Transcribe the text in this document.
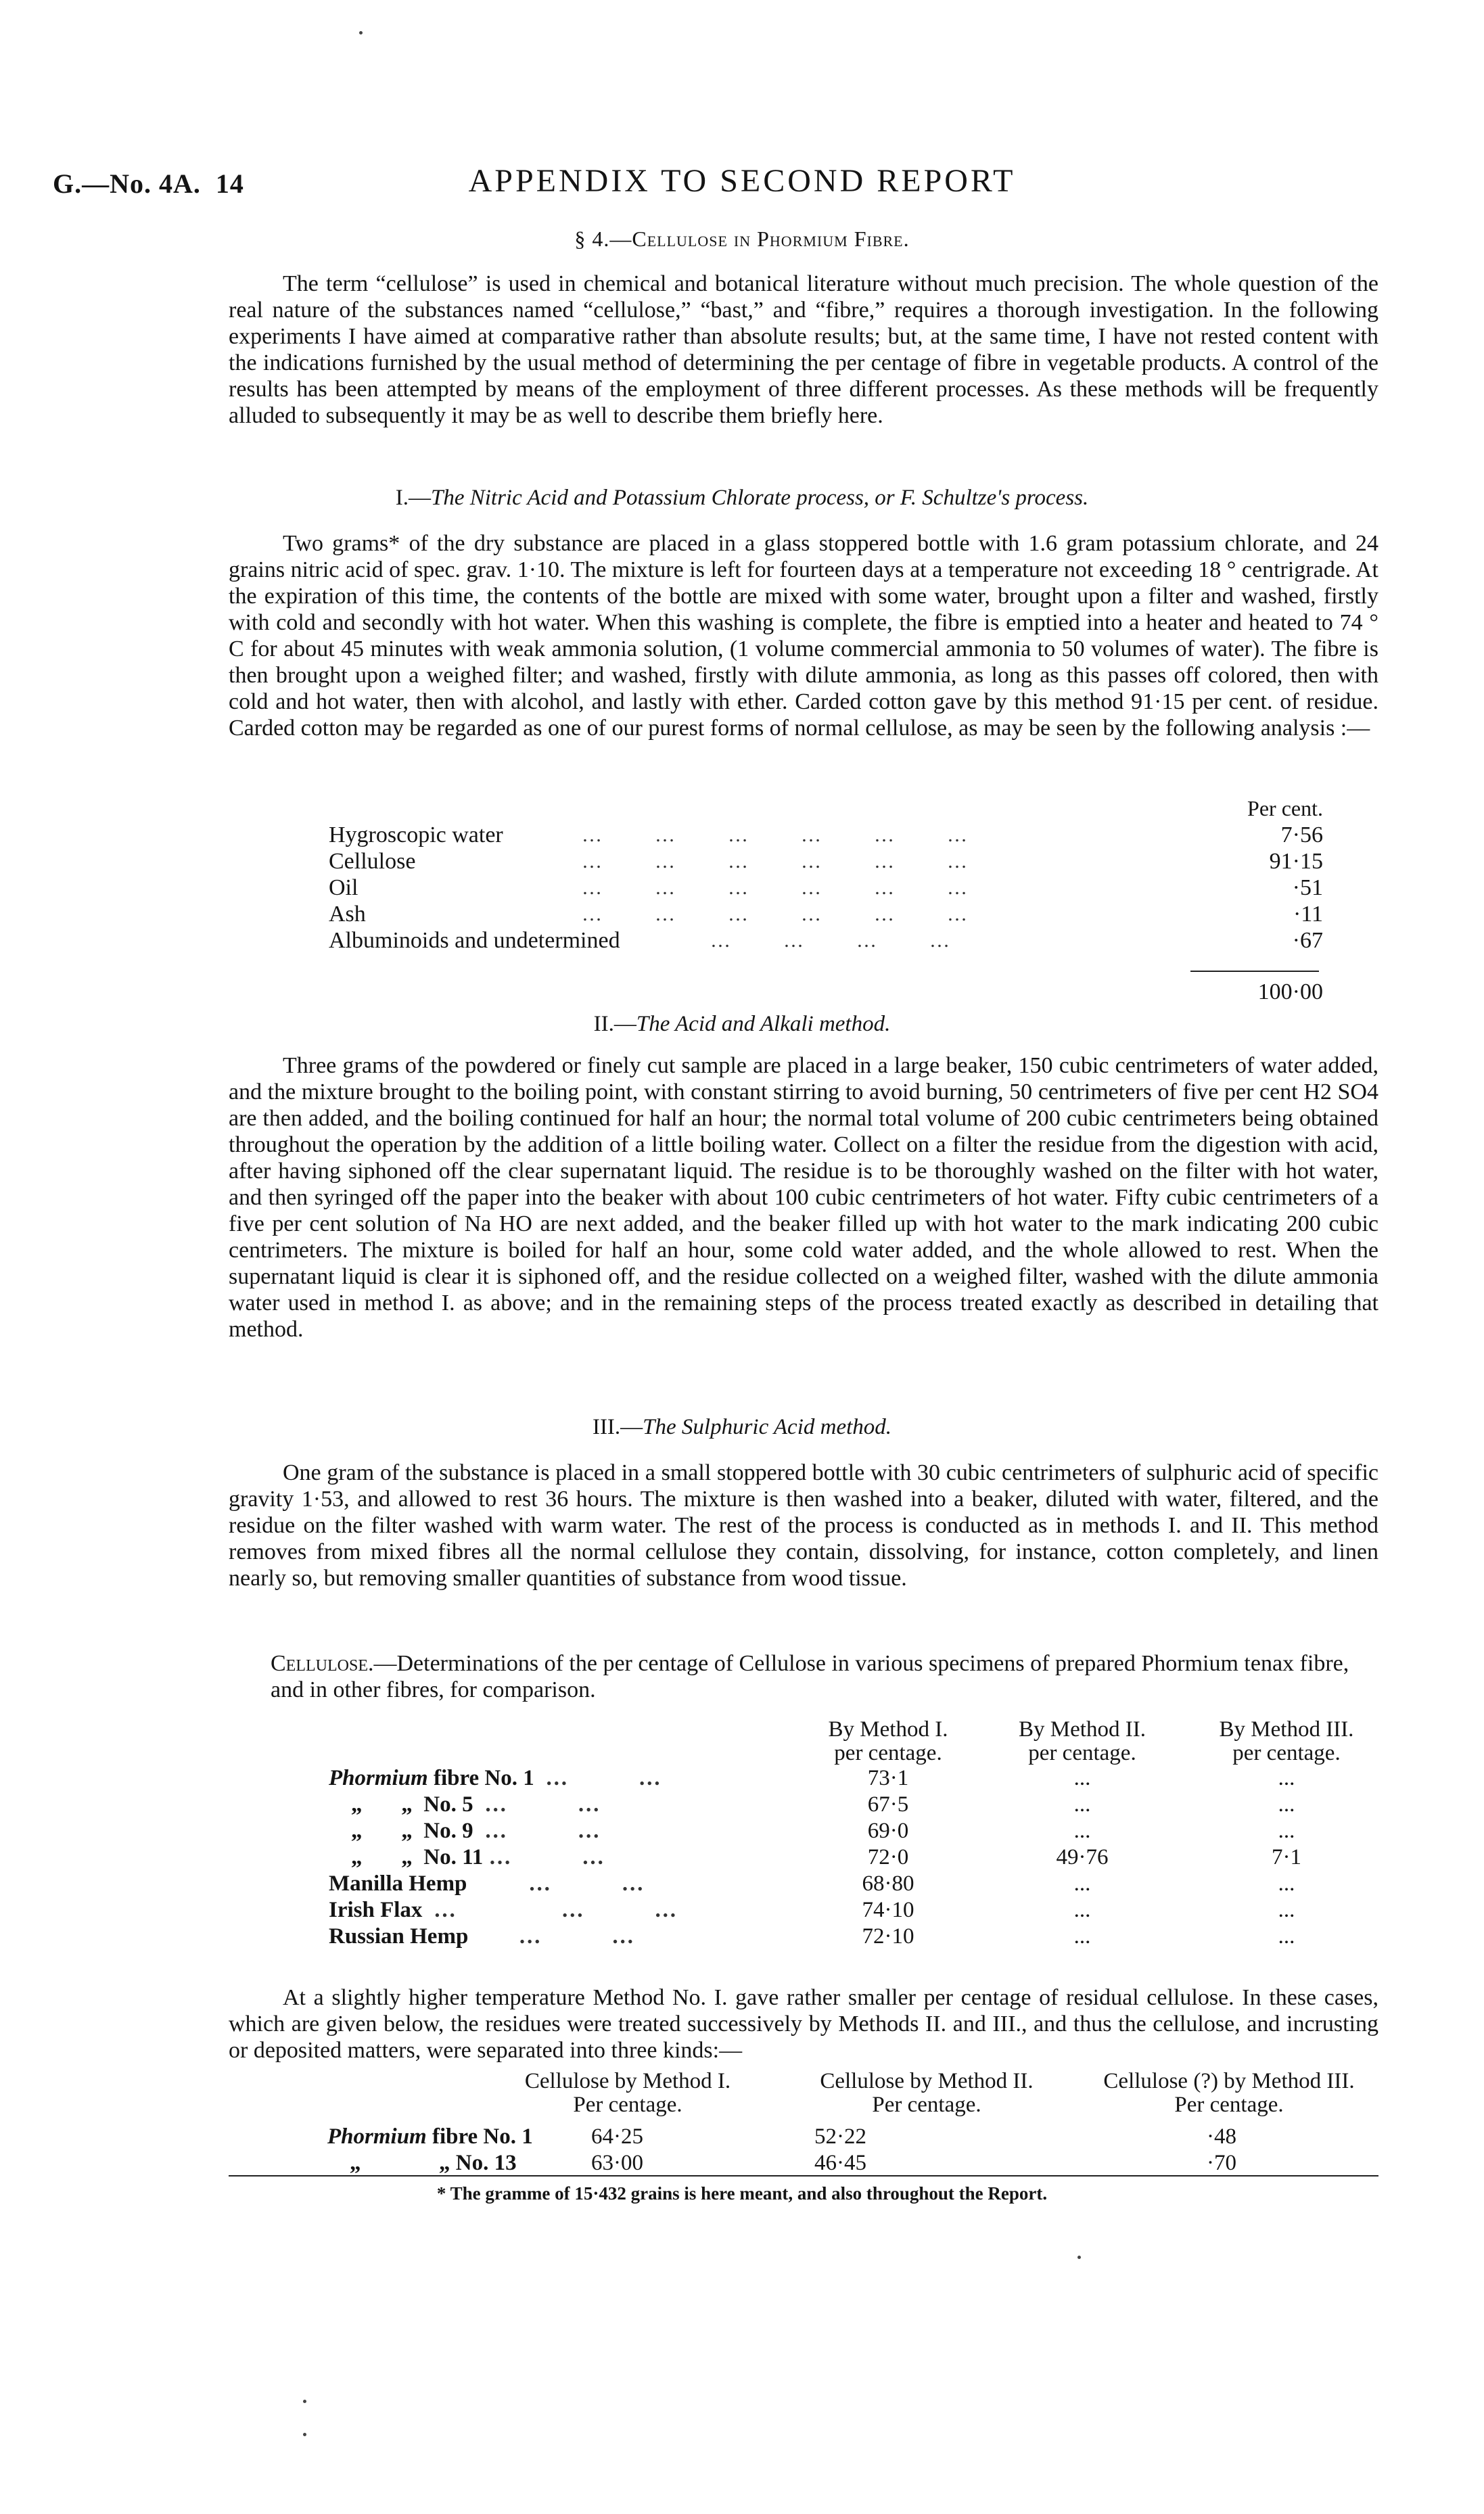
G.—No. 4A. 14	APPENDIX TO SECOND REPORT
§ 4.—Cellulose in Phormium Fibre.
The term “cellulose” is used in chemical and botanical literature without much precision. The whole question of the real nature of the substances named “cellulose,” “bast,” and “fibre,” requires a thorough investigation. In the following experiments I have aimed at comparative rather than absolute results; but, at the same time, I have not rested content with the indications furnished by the usual method of determining the per centage of fibre in vegetable products. A control of the results has been attempted by means of the employment of three different processes. As these methods will be frequently alluded to subsequently it may be as well to describe them briefly here.
I.—The Nitric Acid and Potassium Chlorate process, or F. Schultze's process.
Two grams* of the dry substance are placed in a glass stoppered bottle with 1.6 gram potassium chlorate, and 24 grains nitric acid of spec. grav. 1·10. The mixture is left for fourteen days at a temperature not exceeding 18 ° centrigrade. At the expiration of this time, the contents of the bottle are mixed with some water, brought upon a filter and washed, firstly with cold and secondly with hot water. When this washing is complete, the fibre is emptied into a heater and heated to 74 ° C for about 45 minutes with weak ammonia solution, (1 volume commercial ammonia to 50 volumes of water). The fibre is then brought upon a weighed filter; and washed, firstly with dilute ammonia, as long as this passes off colored, then with cold and hot water, then with alcohol, and lastly with ether. Carded cotton gave by this method 91·15 per cent. of residue. Carded cotton may be regarded as one of our purest forms of normal cellulose, as may be seen by the following analysis :—
	Per cent.
Hygroscopic water	7·56
Cellulose	91·15
Oil	·51
Ash	·11
Albuminoids and undetermined	·67
…        …        …        …        …        …
…        …        …        …        …        …
…        …        …        …        …        …
…        …        …        …        …        …
…        …        …        …
100·00
II.—The Acid and Alkali method.
Three grams of the powdered or finely cut sample are placed in a large beaker, 150 cubic centrimeters of water added, and the mixture brought to the boiling point, with constant stirring to avoid burning, 50 centrimeters of five per cent H2 SO4 are then added, and the boiling continued for half an hour; the normal total volume of 200 cubic centrimeters being obtained throughout the operation by the addition of a little boiling water. Collect on a filter the residue from the digestion with acid, after having siphoned off the clear supernatant liquid. The residue is to be thoroughly washed on the filter with hot water, and then syringed off the paper into the beaker with about 100 cubic centrimeters of hot water. Fifty cubic centrimeters of a five per cent solution of Na HO are next added, and the beaker filled up with hot water to the mark indicating 200 cubic centrimeters. The mixture is boiled for half an hour, some cold water added, and the whole allowed to rest. When the supernatant liquid is clear it is siphoned off, and the residue collected on a weighed filter, washed with the dilute ammonia water used in method I. as above; and in the remaining steps of the process treated exactly as described in detailing that method.
III.—The Sulphuric Acid method.
One gram of the substance is placed in a small stoppered bottle with 30 cubic centrimeters of sulphuric acid of specific gravity 1·53, and allowed to rest 36 hours. The mixture is then washed into a beaker, diluted with water, filtered, and the residue on the filter washed with warm water. The rest of the process is conducted as in methods I. and II. This method removes from mixed fibres all the normal cellulose they contain, dissolving, for instance, cotton completely, and linen nearly so, but removing smaller quantities of substance from wood tissue.
Cellulose.—Determinations of the per centage of Cellulose in various specimens of prepared Phormium tenax fibre, and in other fibres, for comparison.
	By Method I.
per centage.	By Method II.
per centage.	By Method III.
per centage.
Phormium fibre No. 1  …          …	73·1	...	...
„       „  No. 5  …          …	67·5	...	...
„       „  No. 9  …          …	69·0	...	...
„       „  No. 11 …          …	72·0	49·76	7·1
Manilla Hemp …          …	68·80	...	...
Irish Flax …               …          …	74·10	...	...
Russian Hemp …          …	72·10	...	...
At a slightly higher temperature Method No. I. gave rather smaller per centage of residual cellulose. In these cases, which are given below, the residues were treated successively by Methods II. and III., and thus the cellulose, and incrusting or deposited matters, were separated into three kinds:—
	Cellulose by Method I.
Per centage.	Cellulose by Method II.
Per centage.	Cellulose (?) by Method III.
Per centage.
Phormium fibre No. 1	64·25	52·22	·48
„              „ No. 13	63·00	46·45	·70
* The gramme of 15·432 grains is here meant, and also throughout the Report.
